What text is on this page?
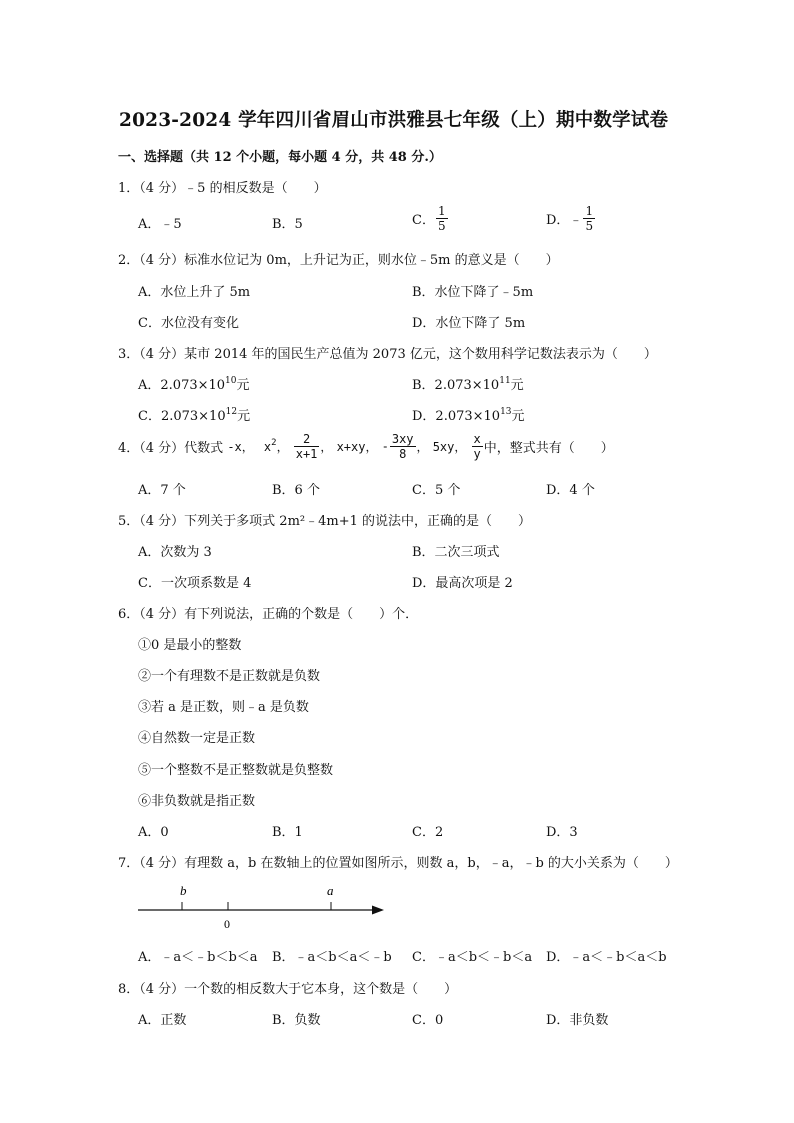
2023-2024 学年四川省眉山市洪雅县七年级（上）期中数学试卷
一、选择题（共 12 个小题，每小题 4 分，共 48 分.）
1．（4 分）﹣5 的相反数是（　　）
A．﹣5	B．5	C． $\frac{1}{5}$	D．﹣ $\frac{1}{5}$
2．（4 分）标准水位记为 0m，上升记为正，则水位﹣5m 的意义是（　　）
A．水位上升了 5m	B．水位下降了﹣5m
C．水位没有变化	D．水位下降了 5m
3．（4 分）某市 2014 年的国民生产总值为 2073 亿元，这个数用科学记数法表示为（　　）
A．$2.073\times 10^{10}$元	B．$2.073\times 10^{11}$元
C．$2.073\times 10^{12}$元	D．$2.073\times 10^{13}$元
4．（4 分）代数式 -x， $x^2$， $\frac{2}{x+1}$ ， x+xy， - $\frac{3xy}{8}$ ， 5xy， $\frac{x}{y}$ 中，整式共有（　　）
A．7 个	B．6 个	C．5 个	D．4 个
5．（4 分）下列关于多项式 2m²﹣4m+1 的说法中，正确的是（　　）
A．次数为 3	B．二次三项式
C．一次项系数是 4	D．最高次项是 2
6．（4 分）有下列说法，正确的个数是（　　）个．
①0 是最小的整数
②一个有理数不是正数就是负数
③若 a 是正数，则﹣a 是负数
④自然数一定是正数
⑤一个整数不是正整数就是负整数
⑥非负数就是指正数
A．0	B．1	C．2	D．3
7．（4 分）有理数 a，b 在数轴上的位置如图所示，则数 a，b，﹣a，﹣b 的大小关系为（　　）
b
0
a
A．﹣a＜﹣b＜b＜a B．﹣a＜b＜a＜﹣b C．﹣a＜b＜﹣b＜a D．﹣a＜﹣b＜a＜b
8．（4 分）一个数的相反数大于它本身，这个数是（　　）
A．正数	B．负数	C．0	D．非负数
